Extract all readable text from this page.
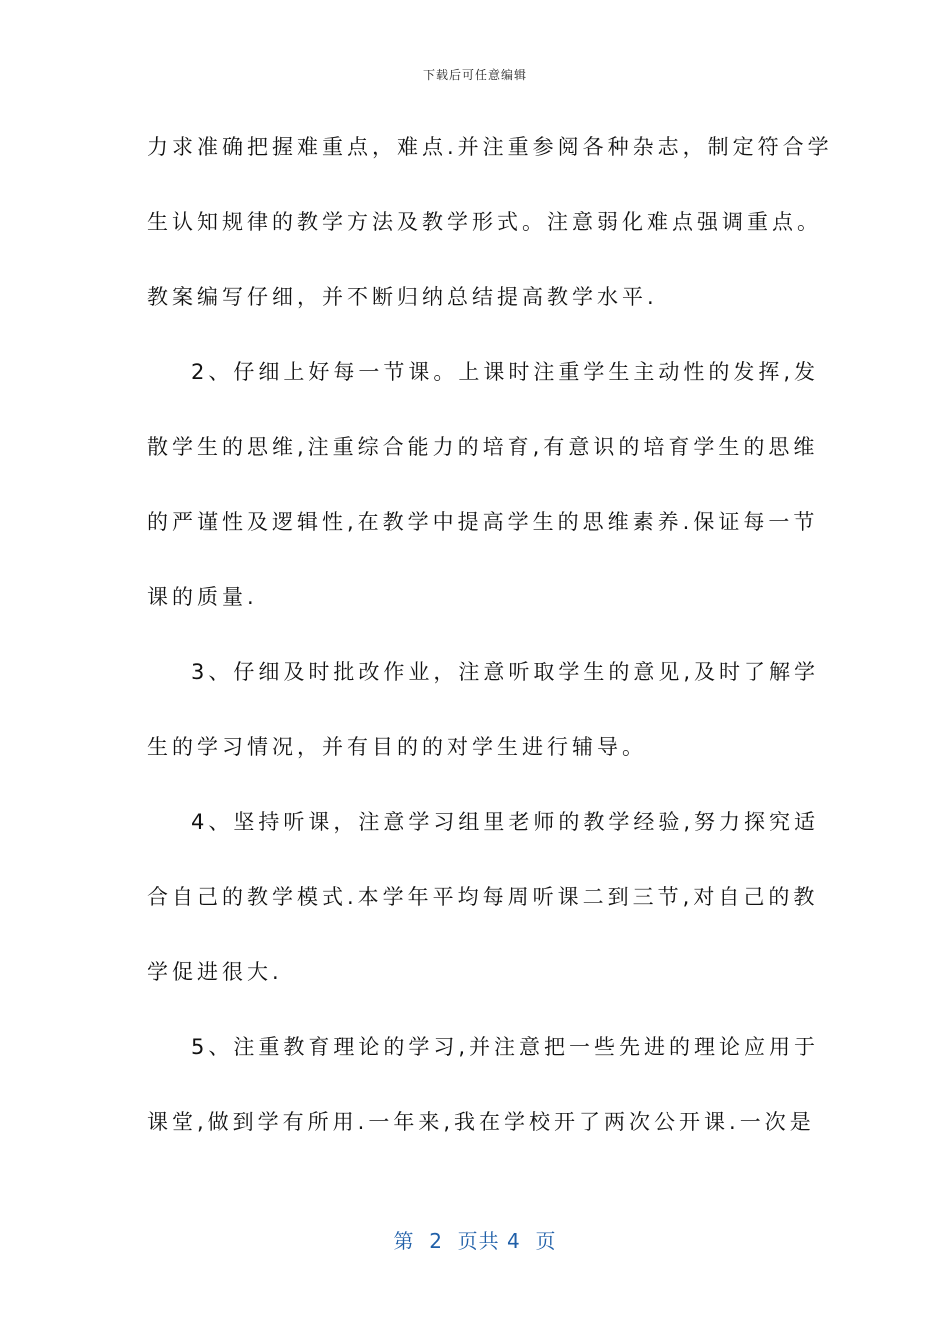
下载后可任意编辑
力求准确把握难重点，难点.并注重参阅各种杂志，制定符合学
生认知规律的教学方法及教学形式。注意弱化难点强调重点。
教案编写仔细，并不断归纳总结提高教学水平.
2、仔细上好每一节课。上课时注重学生主动性的发挥,发
散学生的思维,注重综合能力的培育,有意识的培育学生的思维
的严谨性及逻辑性,在教学中提高学生的思维素养.保证每一节
课的质量.
3、仔细及时批改作业，注意听取学生的意见,及时了解学
生的学习情况，并有目的的对学生进行辅导。
4、坚持听课，注意学习组里老师的教学经验,努力探究适
合自己的教学模式.本学年平均每周听课二到三节,对自己的教
学促进很大.
5、注重教育理论的学习,并注意把一些先进的理论应用于
课堂,做到学有所用.一年来,我在学校开了两次公开课.一次是
第  2  页共 4  页
